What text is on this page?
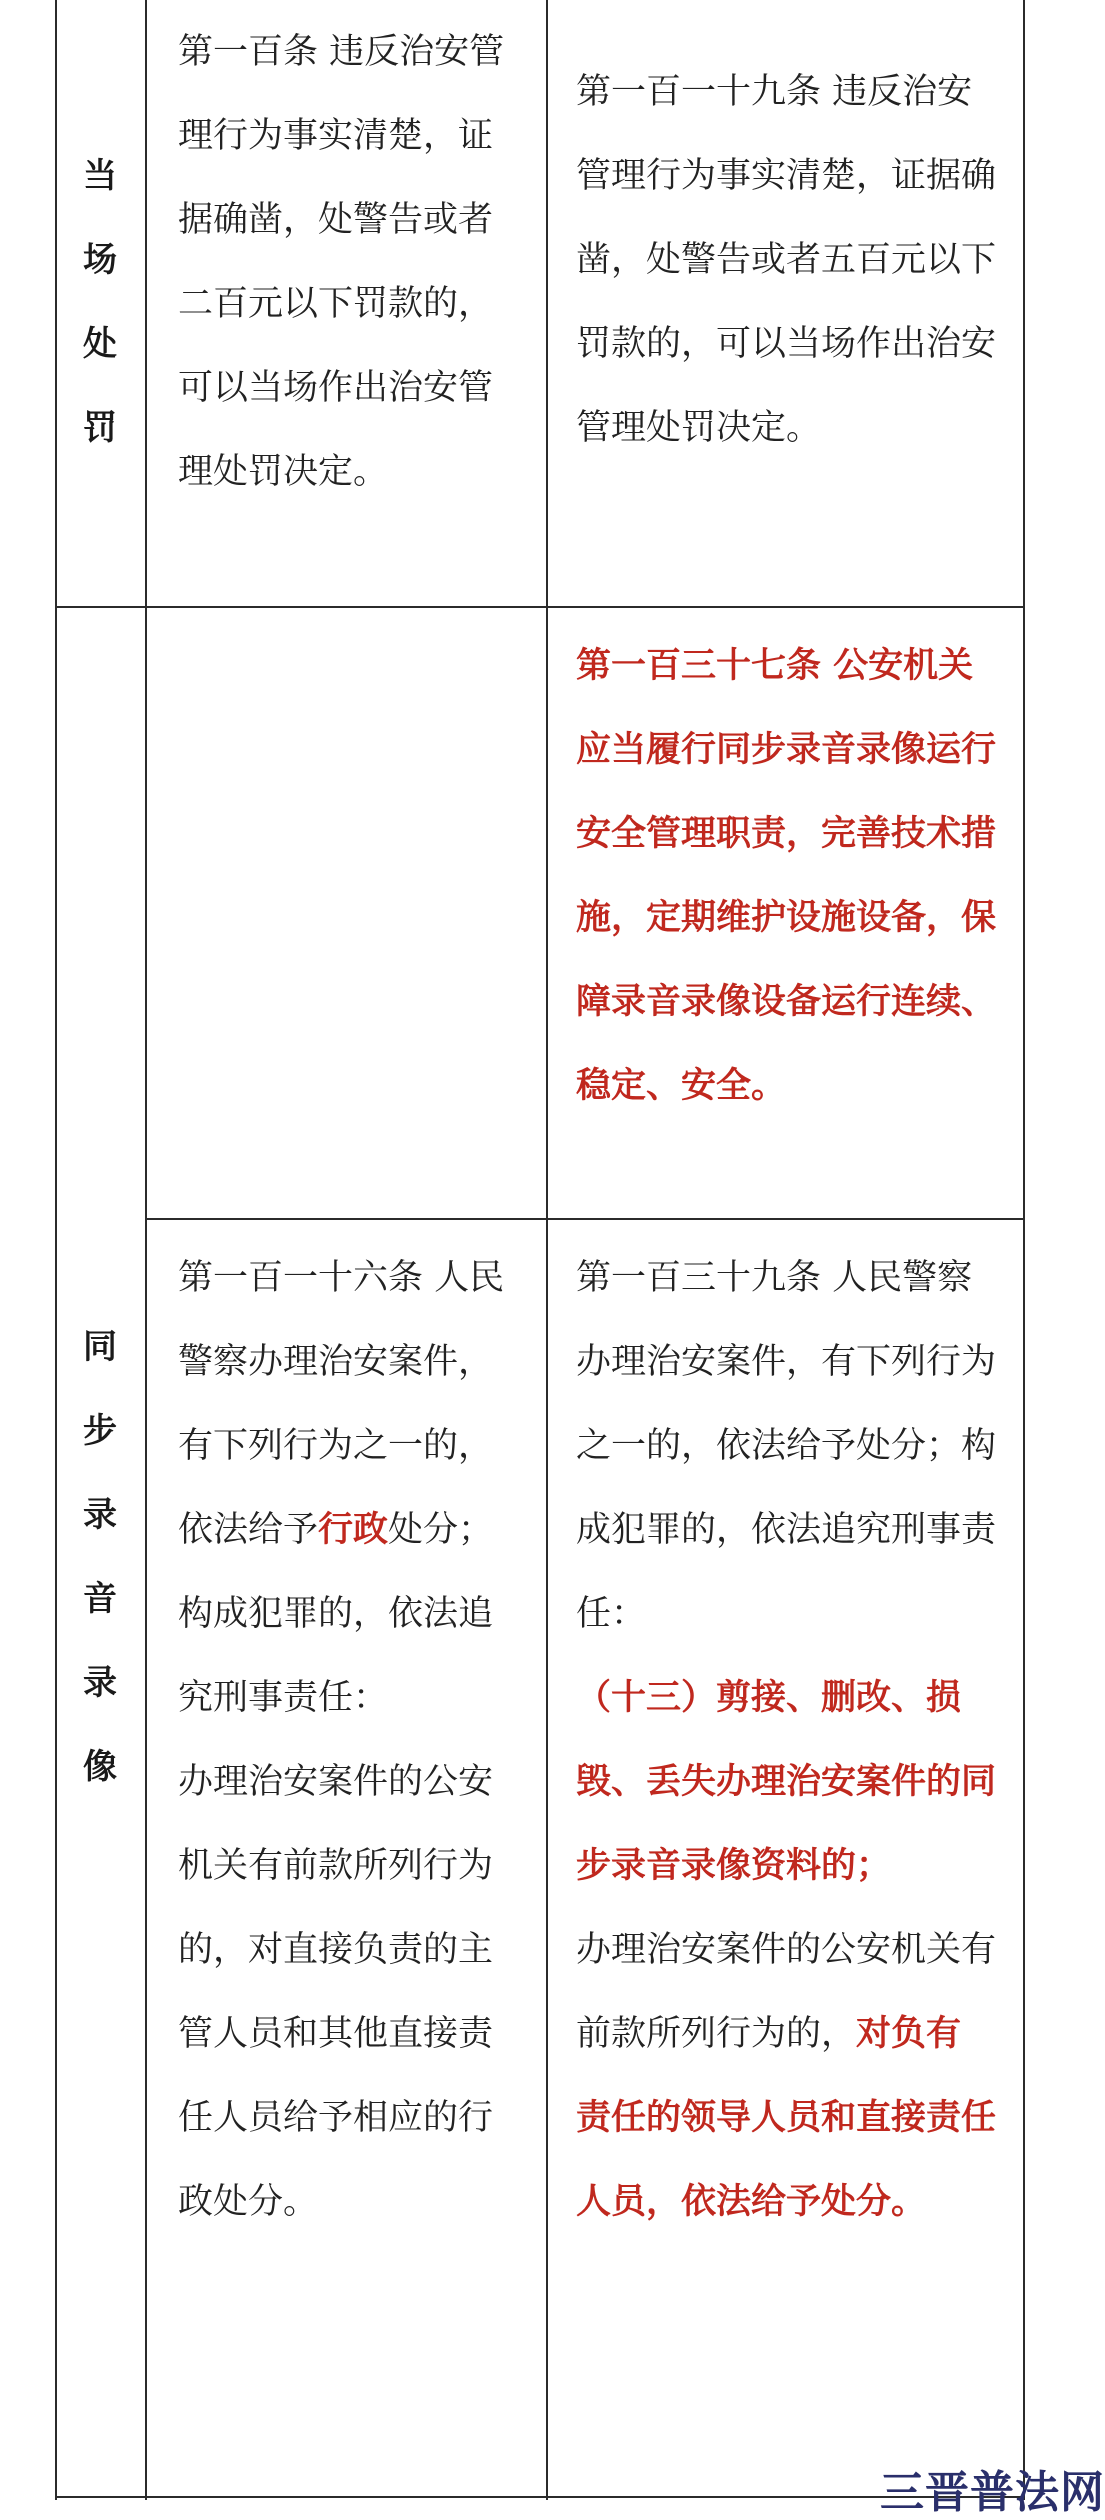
当
场
处
罚

第一百条 违反治安管理行为事实清楚，证据确凿，处警告或者二百元以下罚款的，可以当场作出治安管理处罚决定。

第一百一十九条 违反治安管理行为事实清楚，证据确凿，处警告或者五百元以下罚款的，可以当场作出治安管理处罚决定。

第一百三十七条 公安机关应当履行同步录音录像运行安全管理职责，完善技术措施，定期维护设施设备，保障录音录像设备运行连续、稳定、安全。

同
步
录
音
录
像

第一百一十六条 人民警察办理治安案件，有下列行为之一的，依法给予行政处分；构成犯罪的，依法追究刑事责任：

办理治安案件的公安机关有前款所列行为的，对直接负责的主管人员和其他直接责任人员给予相应的行政处分。

第一百三十九条 人民警察办理治安案件，有下列行为之一的，依法给予处分；构成犯罪的，依法追究刑事责任：

（十三）剪接、删改、损毁、丢失办理治安案件的同步录音录像资料的；

办理治安案件的公安机关有前款所列行为的，对负有责任的领导人员和直接责任人员，依法给予处分。

三晋普法网
